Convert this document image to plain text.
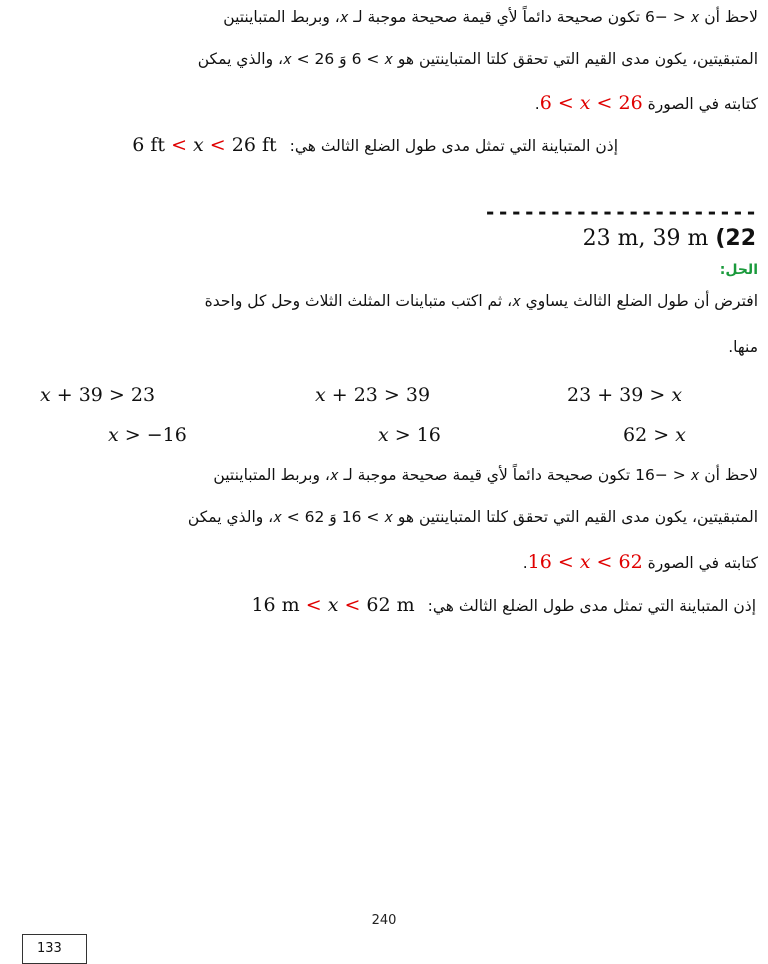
لاحظ أن ‎6− > 𝑥‎ تكون صحيحة دائماً لأي قيمة صحيحة موجبة لـ 𝑥، وبربط المتباينتين
المتبقيتين، يكون مدى القيم التي تحقق كلتا المتباينتين هو ‎6 < 𝑥‎ وَ ‎𝑥 < 26‎، والذي يمكن
كتابته في الصورة 6 < 𝑥 < 26.
إذن المتباينة التي تمثل مدى طول الضلع الثالث هي: 6 ft < 𝑥 < 26 ft
---------------------
23 m, 39 m (22
الحل:
افترض أن طول الضلع الثالث يساوي 𝑥، ثم اكتب متباينات المثلث الثلاث وحل كل واحدة
منها.
𝑥 + 39 > 23	𝑥 + 23 > 39	23 + 39 > 𝑥
𝑥 > −16	𝑥 > 16	62 > 𝑥
لاحظ أن ‎16− > 𝑥‎ تكون صحيحة دائماً لأي قيمة صحيحة موجبة لـ 𝑥، وبربط المتباينتين
المتبقيتين، يكون مدى القيم التي تحقق كلتا المتباينتين هو ‎16 < 𝑥‎ وَ ‎𝑥 < 62‎، والذي يمكن
كتابته في الصورة 16 < 𝑥 < 62.
إذن المتباينة التي تمثل مدى طول الضلع الثالث هي: 16 m < 𝑥 < 62 m
240
133
